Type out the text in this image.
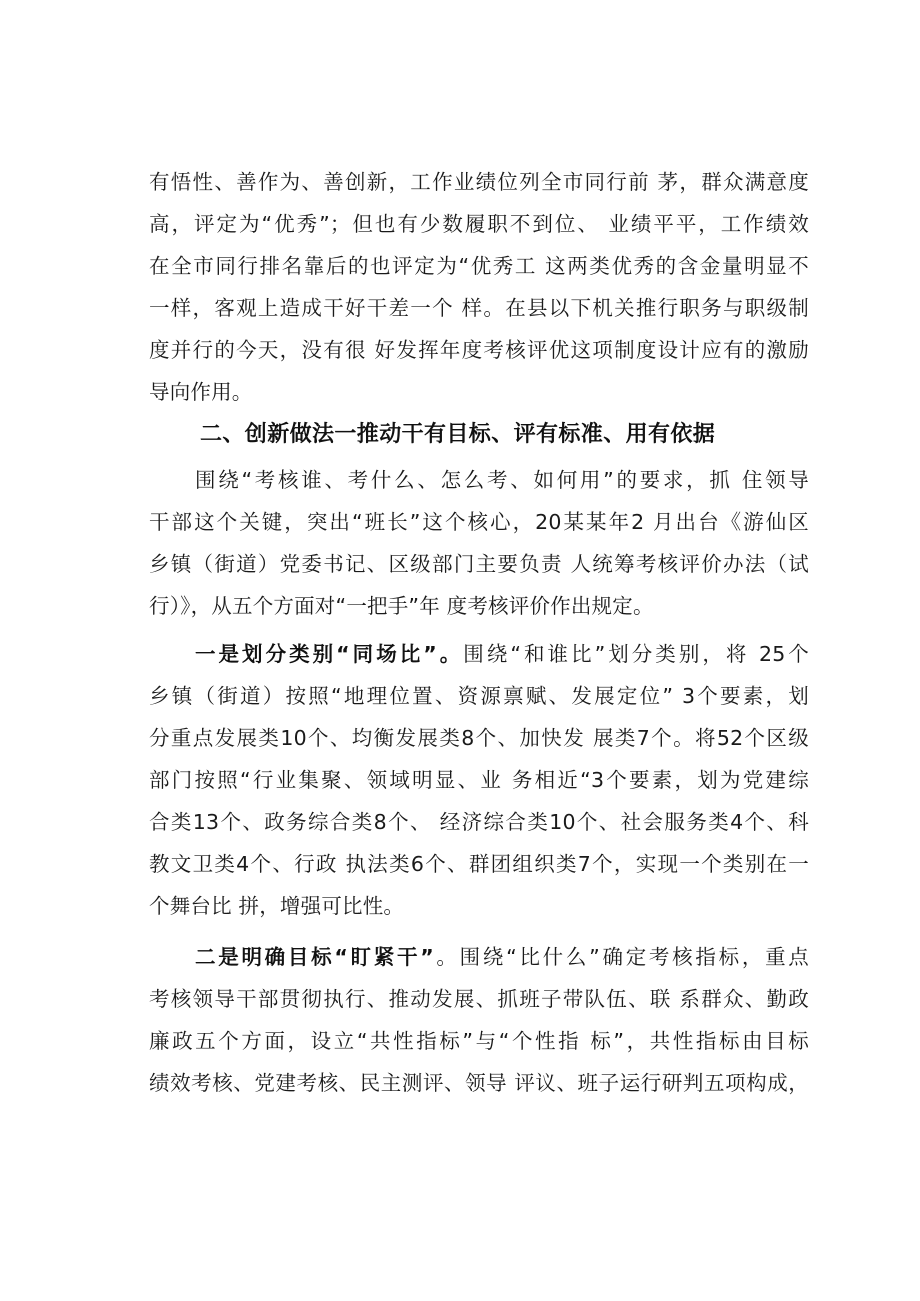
有悟性、善作为、善创新，工作业绩位列全市同行前 茅，群众满意度
高，评定为“优秀”；但也有少数履职不到位、 业绩平平，工作绩效
在全市同行排名靠后的也评定为“优秀工 这两类优秀的含金量明显不
一样，客观上造成干好干差一个 样。在县以下机关推行职务与职级制
度并行的今天，没有很 好发挥年度考核评优这项制度设计应有的激励
导向作用。
二、创新做法一推动干有目标、评有标准、用有依据
围绕“考核谁、考什么、怎么考、如何用”的要求，抓 住领导
干部这个关键，突出“班长”这个核心，20某某年2 月出台《游仙区
乡镇（街道）党委书记、区级部门主要负责 人统筹考核评价办法（试
行）》，从五个方面对“一把手”年 度考核评价作出规定。
一是划分类别“同场比”。围绕“和谁比”划分类别，将 25个
乡镇（街道）按照“地理位置、资源禀赋、发展定位” 3个要素，划
分重点发展类10个、均衡发展类8个、加快发 展类7个。将52个区级
部门按照“行业集聚、领域明显、业 务相近“3个要素，划为党建综
合类13个、政务综合类8个、 经济综合类10个、社会服务类4个、科
教文卫类4个、行政 执法类6个、群团组织类7个，实现一个类别在一
个舞台比 拼，增强可比性。
二是明确目标“盯紧干”。围绕“比什么”确定考核指标，重点
考核领导干部贯彻执行、推动发展、抓班子带队伍、联 系群众、勤政
廉政五个方面，设立“共性指标”与“个性指 标”，共性指标由目标
绩效考核、党建考核、民主测评、领导 评议、班子运行研判五项构成，
